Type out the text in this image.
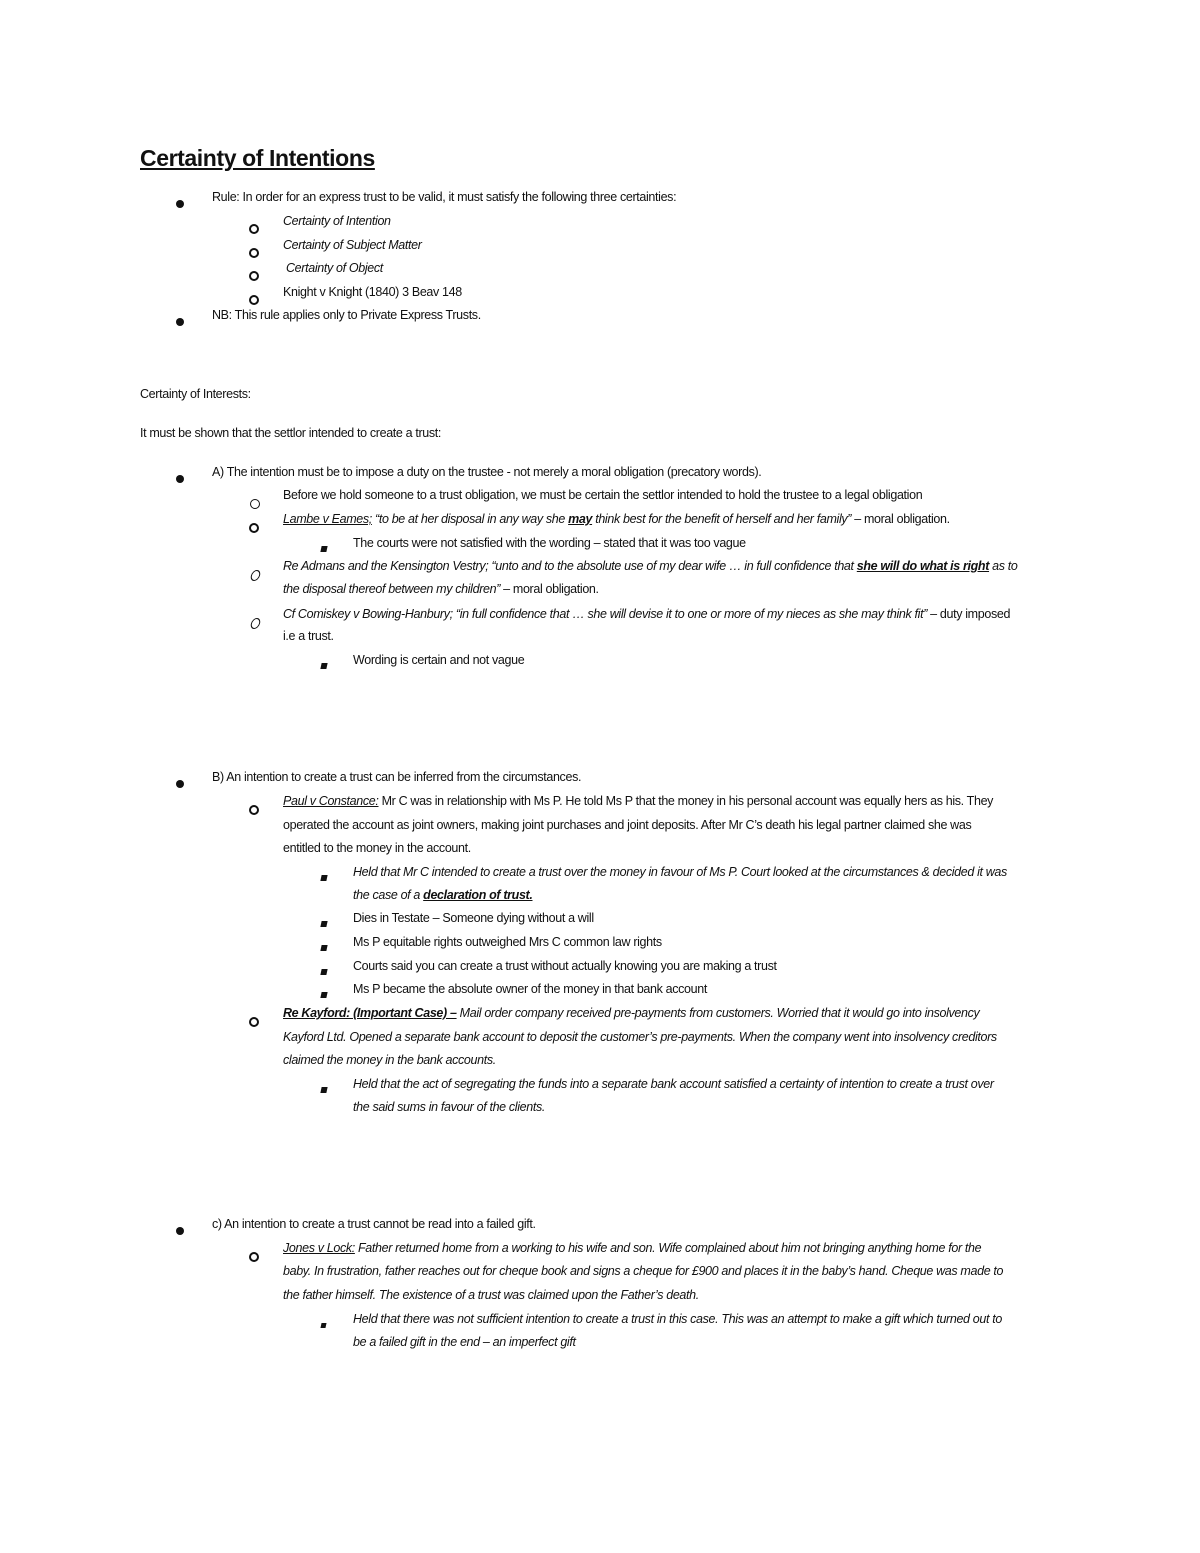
Certainty of Intentions
Rule: In order for an express trust to be valid, it must satisfy the following three certainties:
Certainty of Intention
Certainty of Subject Matter
Certainty of Object
Knight v Knight (1840) 3 Beav 148
NB: This rule applies only to Private Express Trusts.
Certainty of Interests:
It must be shown that the settlor intended to create a trust:
A) The intention must be to impose a duty on the trustee - not merely a moral obligation (precatory words).
Before we hold someone to a trust obligation, we must be certain the settlor intended to hold the trustee to a legal obligation
Lambe v Eames; “to be at her disposal in any way she may think best for the benefit of herself and her family” – moral obligation.
The courts were not satisfied with the wording – stated that it was too vague
Re Admans and the Kensington Vestry; “unto and to the absolute use of my dear wife … in full confidence that she will do what is right as to
the disposal thereof between my children” – moral obligation.
Cf Comiskey v Bowing-Hanbury; “in full confidence that … she will devise it to one or more of my nieces as she may think fit” – duty imposed
i.e a trust.
Wording is certain and not vague
B) An intention to create a trust can be inferred from the circumstances.
Paul v Constance: Mr C was in relationship with Ms P. He told Ms P that the money in his personal account was equally hers as his. They
operated the account as joint owners, making joint purchases and joint deposits. After Mr C’s death his legal partner claimed she was
entitled to the money in the account.
Held that Mr C intended to create a trust over the money in favour of Ms P. Court looked at the circumstances & decided it was
the case of a declaration of trust.
Dies in Testate – Someone dying without a will
Ms P equitable rights outweighed Mrs C common law rights
Courts said you can create a trust without actually knowing you are making a trust
Ms P became the absolute owner of the money in that bank account
Re Kayford: (Important Case) – Mail order company received pre-payments from customers. Worried that it would go into insolvency
Kayford Ltd. Opened a separate bank account to deposit the customer’s pre-payments. When the company went into insolvency creditors
claimed the money in the bank accounts.
Held that the act of segregating the funds into a separate bank account satisfied a certainty of intention to create a trust over
the said sums in favour of the clients.
c) An intention to create a trust cannot be read into a failed gift.
Jones v Lock: Father returned home from a working to his wife and son. Wife complained about him not bringing anything home for the
baby. In frustration, father reaches out for cheque book and signs a cheque for £900 and places it in the baby’s hand. Cheque was made to
the father himself. The existence of a trust was claimed upon the Father’s death.
Held that there was not sufficient intention to create a trust in this case. This was an attempt to make a gift which turned out to
be a failed gift in the end – an imperfect gift
